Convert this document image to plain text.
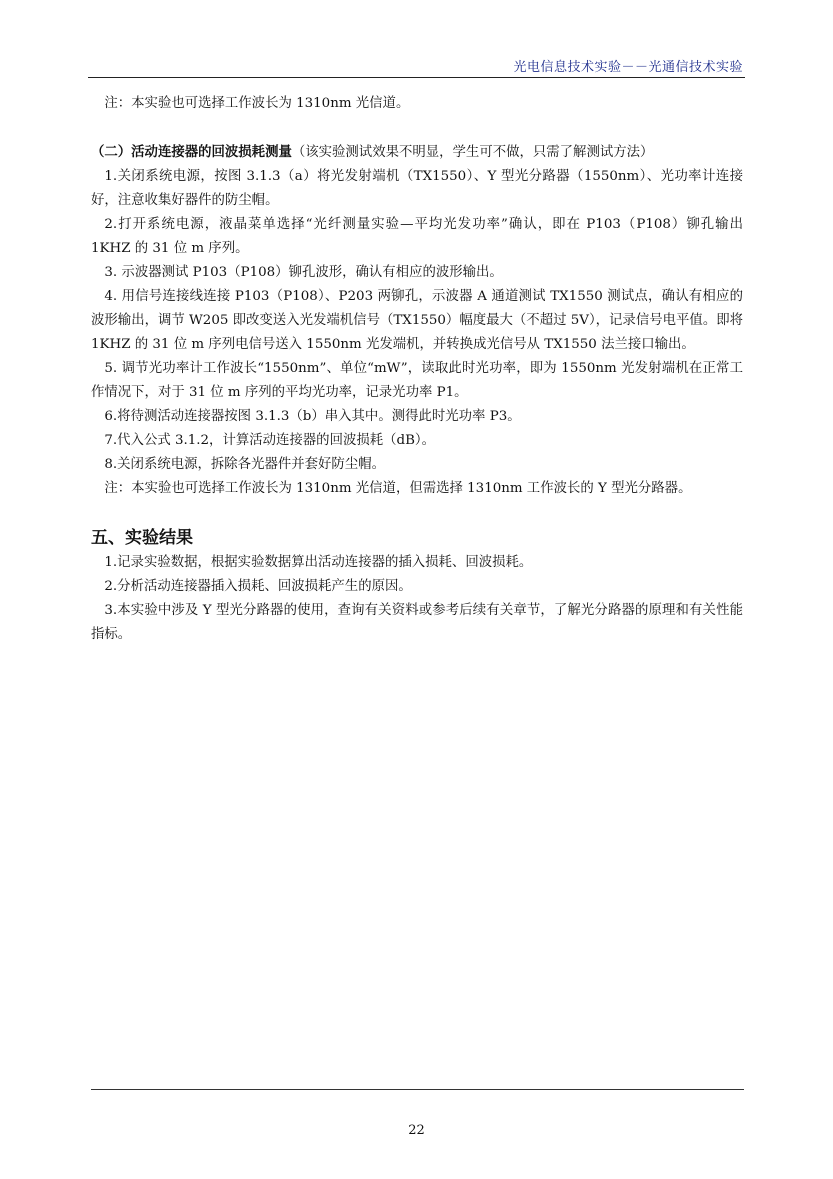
光电信息技术实验－－光通信技术实验

注：本实验也可选择工作波长为 1310nm 光信道。

（二）活动连接器的回波损耗测量（该实验测试效果不明显，学生可不做，只需了解测试方法）

1.关闭系统电源，按图 3.1.3（a）将光发射端机（TX1550）、Y 型光分路器（1550nm）、光功率计连接好，注意收集好器件的防尘帽。

2.打开系统电源，液晶菜单选择“光纤测量实验—平均光发功率”确认，即在 P103（P108）铆孔输出 1KHZ 的 31 位 m 序列。

3. 示波器测试 P103（P108）铆孔波形，确认有相应的波形输出。

4. 用信号连接线连接 P103（P108）、P203 两铆孔，示波器 A 通道测试 TX1550 测试点，确认有相应的波形输出，调节 W205 即改变送入光发端机信号（TX1550）幅度最大（不超过 5V），记录信号电平值。即将 1KHZ 的 31 位 m 序列电信号送入 1550nm 光发端机，并转换成光信号从 TX1550 法兰接口输出。

5. 调节光功率计工作波长“1550nm”、单位“mW”，读取此时光功率，即为 1550nm 光发射端机在正常工作情况下，对于 31 位 m 序列的平均光功率，记录光功率 P1。

6.将待测活动连接器按图 3.1.3（b）串入其中。测得此时光功率 P3。

7.代入公式 3.1.2，计算活动连接器的回波损耗（dB）。

8.关闭系统电源，拆除各光器件并套好防尘帽。

注：本实验也可选择工作波长为 1310nm 光信道，但需选择 1310nm 工作波长的 Y 型光分路器。

五、实验结果

1.记录实验数据，根据实验数据算出活动连接器的插入损耗、回波损耗。

2.分析活动连接器插入损耗、回波损耗产生的原因。

3.本实验中涉及 Y 型光分路器的使用，查询有关资料或参考后续有关章节，了解光分路器的原理和有关性能指标。

22
